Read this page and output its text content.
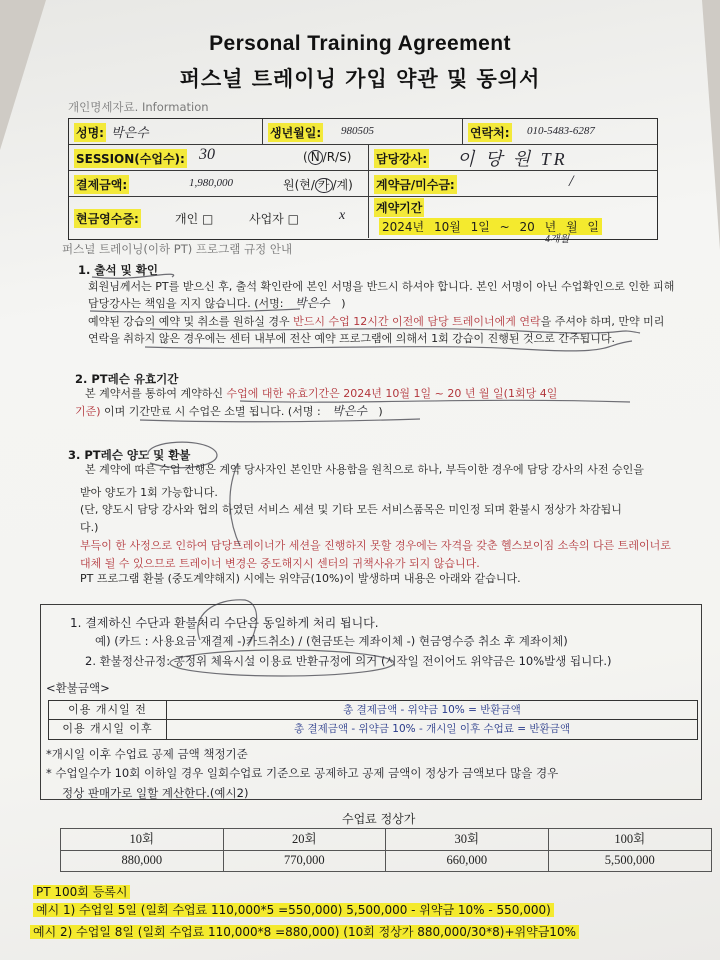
Personal Training Agreement
퍼스널 트레이닝 가입 약관 및 동의서
개인명세자료. Information
성명: 박은수	생년월일: 980505	연락처: 010-5483-6287
SESSION(수업수): 30	( N /R/S) 담당강사: 이 당 원 TR
결제금액:	1,980,000	원(현/ 카 /계) 계약금/미수금:	/
현금영수증:	개인 □	사업자 □	x	계약기간
2024년 10월 1일 ~ 20 년 월 일
4개월
퍼스널 트레이닝(이하 PT) 프로그램 규정 안내
1. 출석 및 확인
회원님께서는 PT를 받으신 후, 출석 확인란에 본인 서명을 반드시 하셔야 합니다. 본인 서명이 아닌 수업확인으로 인한 피해
담당강사는 책임을 지지 않습니다. (서명: 박은수 )
예약된 강습의 예약 및 취소를 원하실 경우 반드시 수업 12시간 이전에 담당 트레이너에게 연락을 주셔야 하며, 만약 미리
연락을 취하지 않은 경우에는 센터 내부에 전산 예약 프로그램에 의해서 1회 강습이 진행된 것으로 간주됩니다.
2. PT레슨 유효기간
본 계약서를 통하여 계약하신 수업에 대한 유효기간은 2024년 10월 1일 ~ 20 년 월 일(1회당 4일
기준) 이며 기간만료 시 수업은 소멸 됩니다. (서명 : 박은수 )
3. PT레슨 양도 및 환불
본 계약에 따른 수업 진행은 계약 당사자인 본인만 사용함을 원칙으로 하나, 부득이한 경우에 담당 강사의 사전 승인을
받아 양도가 1회 가능합니다.
(단, 양도시 담당 강사와 협의 하였던 서비스 세션 및 기타 모든 서비스품목은 미인정 되며 환불시 정상가 차감됩니
다.)
부득이 한 사정으로 인하여 담당트레이너가 세션을 진행하지 못할 경우에는 자격을 갖춘 헬스보이짐 소속의 다른 트레이너로
대체 될 수 있으므로 트레이너 변경은 중도해지시 센터의 귀책사유가 되지 않습니다.
PT 프로그램 환불 (중도계약해지) 시에는 위약금(10%)이 발생하며 내용은 아래와 같습니다.
1. 결제하신 수단과 환불처리 수단은 동일하게 처리 됩니다.
예) (카드 : 사용요금 재결제 -)카드취소) / (현금또는 계좌이체 -) 현금영수증 취소 후 계좌이체)
2. 환불정산규정: 공정위 체육시설 이용료 반환규정에 의거 (시작일 전이어도 위약금은 10%발생 됩니다.)
<환불금액>
이용 개시일 전	총 결제금액 - 위약금 10% = 반환금액
이용 개시일 이후	총 결제금액 - 위약금 10% - 개시일 이후 수업료 = 반환금액
*개시일 이후 수업료 공제 금액 책정기준
* 수업일수가 10회 이하일 경우 일회수업료 기준으로 공제하고 공제 금액이 정상가 금액보다 많을 경우
정상 판매가로 일할 계산한다.(예시2)
수업료 정상가
10회	20회	30회	100회
880,000	770,000	660,000	5,500,000
PT 100회 등록시
예시 1) 수업일 5일 (일회 수업료 110,000*5 =550,000) 5,500,000 - 위약금 10% - 550,000)
예시 2) 수업일 8일 (일회 수업료 110,000*8 =880,000) (10회 정상가 880,000/30*8)+위약금10%
